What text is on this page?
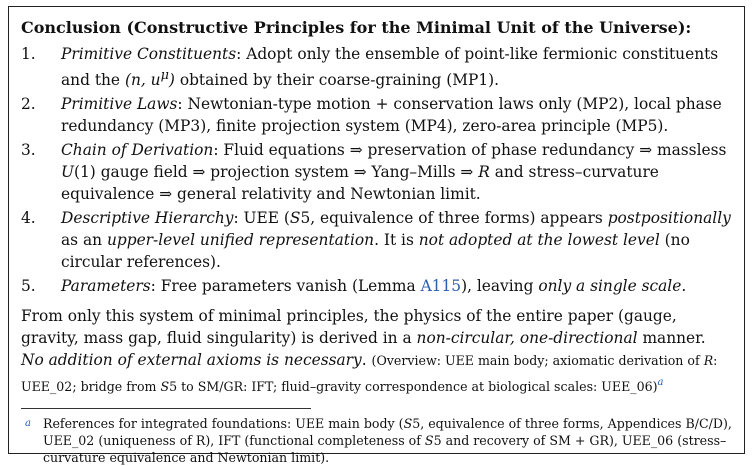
Conclusion (Constructive Principles for the Minimal Unit of the Universe):
1.	Primitive Constituents: Adopt only the ensemble of point-like fermionic constituents and the (n, $u^\mu$) obtained by their coarse-graining (MP1).
2.	Primitive Laws: Newtonian-type motion + conservation laws only (MP2), local phase redundancy (MP3), finite projection system (MP4), zero-area principle (MP5).
3.	Chain of Derivation: Fluid equations ⇒ preservation of phase redundancy ⇒ massless U(1) gauge field ⇒ projection system ⇒ Yang–Mills ⇒ R and stress–curvature equivalence ⇒ general relativity and Newtonian limit.
4.	Descriptive Hierarchy: UEE (S5, equivalence of three forms) appears postpositionally as an upper-level unified representation. It is not adopted at the lowest level (no circular references).
5.	Parameters: Free parameters vanish (Lemma A115), leaving only a single scale.
From only this system of minimal principles, the physics of the entire paper (gauge, gravity, mass gap, fluid singularity) is derived in a non-circular, one-directional manner. No addition of external axioms is necessary. (Overview: UEE main body; axiomatic derivation of R: UEE_02; bridge from S5 to SM/GR: IFT; fluid–gravity correspondence at biological scales: UEE_06)$^a$
a References for integrated foundations: UEE main body (S5, equivalence of three forms, Appendices B/C/D), UEE_02 (uniqueness of R), IFT (functional completeness of S5 and recovery of SM + GR), UEE_06 (stress–curvature equivalence and Newtonian limit).
